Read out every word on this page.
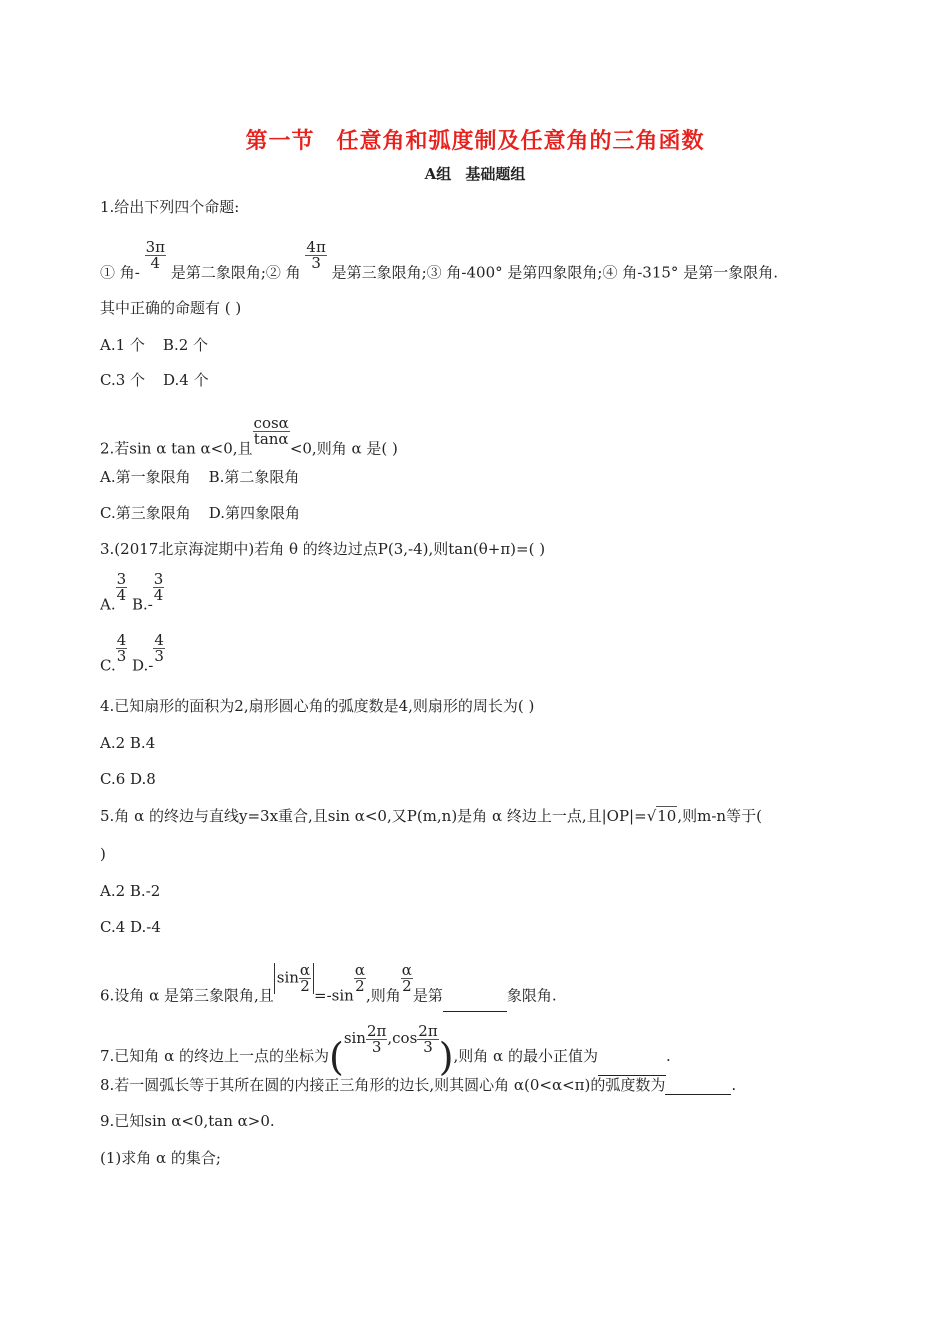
第一节 任意角和弧度制及任意角的三角函数
A组 基础题组
1.给出下列四个命题:
① 角-
$\frac{3\pi}{4}$
是第二象限角;② 角
$\frac{4\pi}{3}$
是第三象限角;③ 角-400° 是第四象限角;④ 角-315° 是第一象限角.
其中正确的命题有 ( )
A.1 个 B.2 个
C.3 个 D.4 个
2.若sin α tan α<0,且
$\frac{\cos\alpha}{\tan\alpha}$
<0,则角 α 是( )
A.第一象限角 B.第二象限角
C.第三象限角 D.第四象限角
3.(2017北京海淀期中)若角 θ 的终边过点P(3,-4),则tan(θ+π)=( )
A.
$\frac{3}{4}$
B.-
$\frac{3}{4}$
C.
$\frac{4}{3}$
D.-
$\frac{4}{3}$
4.已知扇形的面积为2,扇形圆心角的弧度数是4,则扇形的周长为( )
A.2 B.4
C.6 D.8
5.角 α 的终边与直线y=3x重合,且sin α<0,又P(m,n)是角 α 终边上一点,且|OP|=√10,则m-n等于(
)
A.2 B.-2
C.4 D.-4
6.设角 α 是第三象限角,且$\sin \frac{\alpha}{2}$
=-sin
$\frac{\alpha}{2}$
,则角
$\frac{\alpha}{2}$
是第	象限角.
7.已知角 α 的终边上一点的坐标为($\sin \frac{2\pi}{3} ,\cos \frac{2\pi}{3}$ ),则角 α 的最小正值为	.
8.若一圆弧长等于其所在圆的内接正三角形的边长,则其圆心角 α(0<α<π)的弧度数为	.
9.已知sin α<0,tan α>0.
(1)求角 α 的集合;
